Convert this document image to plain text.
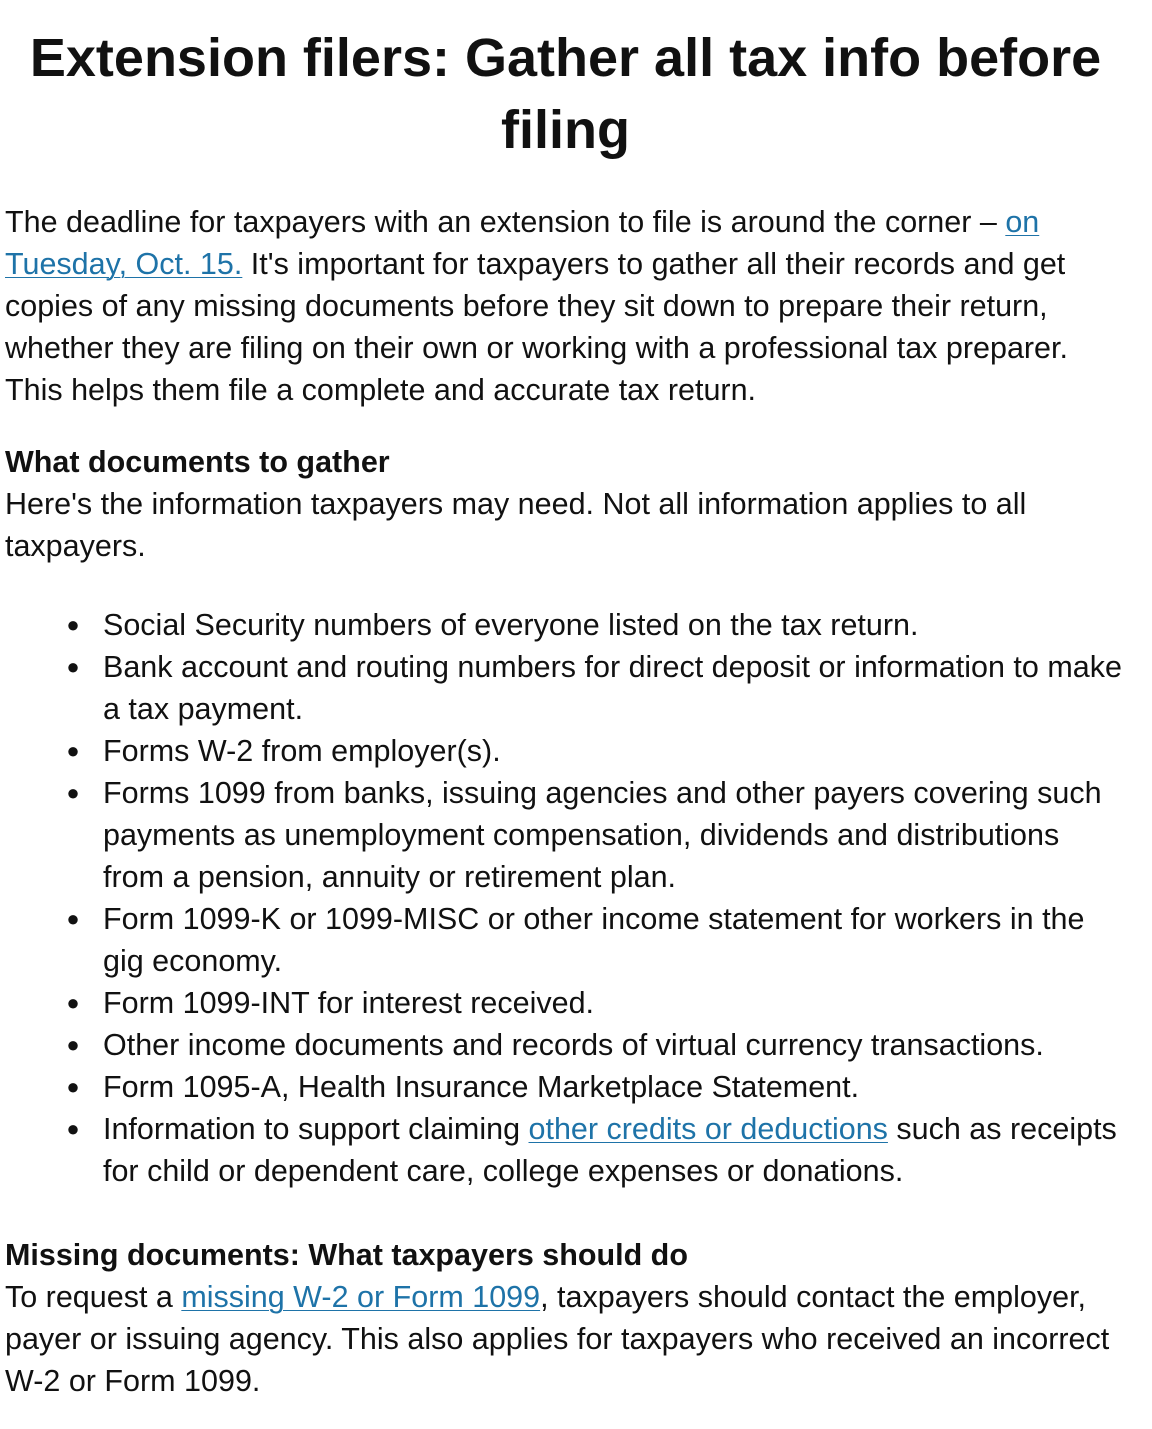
Extension filers: Gather all tax info before filing

The deadline for taxpayers with an extension to file is around the corner – on Tuesday, Oct. 15. It's important for taxpayers to gather all their records and get copies of any missing documents before they sit down to prepare their return, whether they are filing on their own or working with a professional tax preparer. This helps them file a complete and accurate tax return.

What documents to gather
Here's the information taxpayers may need. Not all information applies to all taxpayers.
● Social Security numbers of everyone listed on the tax return.
● Bank account and routing numbers for direct deposit or information to make a tax payment.
● Forms W-2 from employer(s).
● Forms 1099 from banks, issuing agencies and other payers covering such payments as unemployment compensation, dividends and distributions from a pension, annuity or retirement plan.
● Form 1099-K or 1099-MISC or other income statement for workers in the gig economy.
● Form 1099-INT for interest received.
● Other income documents and records of virtual currency transactions.
● Form 1095-A, Health Insurance Marketplace Statement.
● Information to support claiming other credits or deductions such as receipts for child or dependent care, college expenses or donations.
Missing documents: What taxpayers should do
To request a missing W-2 or Form 1099, taxpayers should contact the employer, payer or issuing agency. This also applies for taxpayers who received an incorrect W-2 or Form 1099.
